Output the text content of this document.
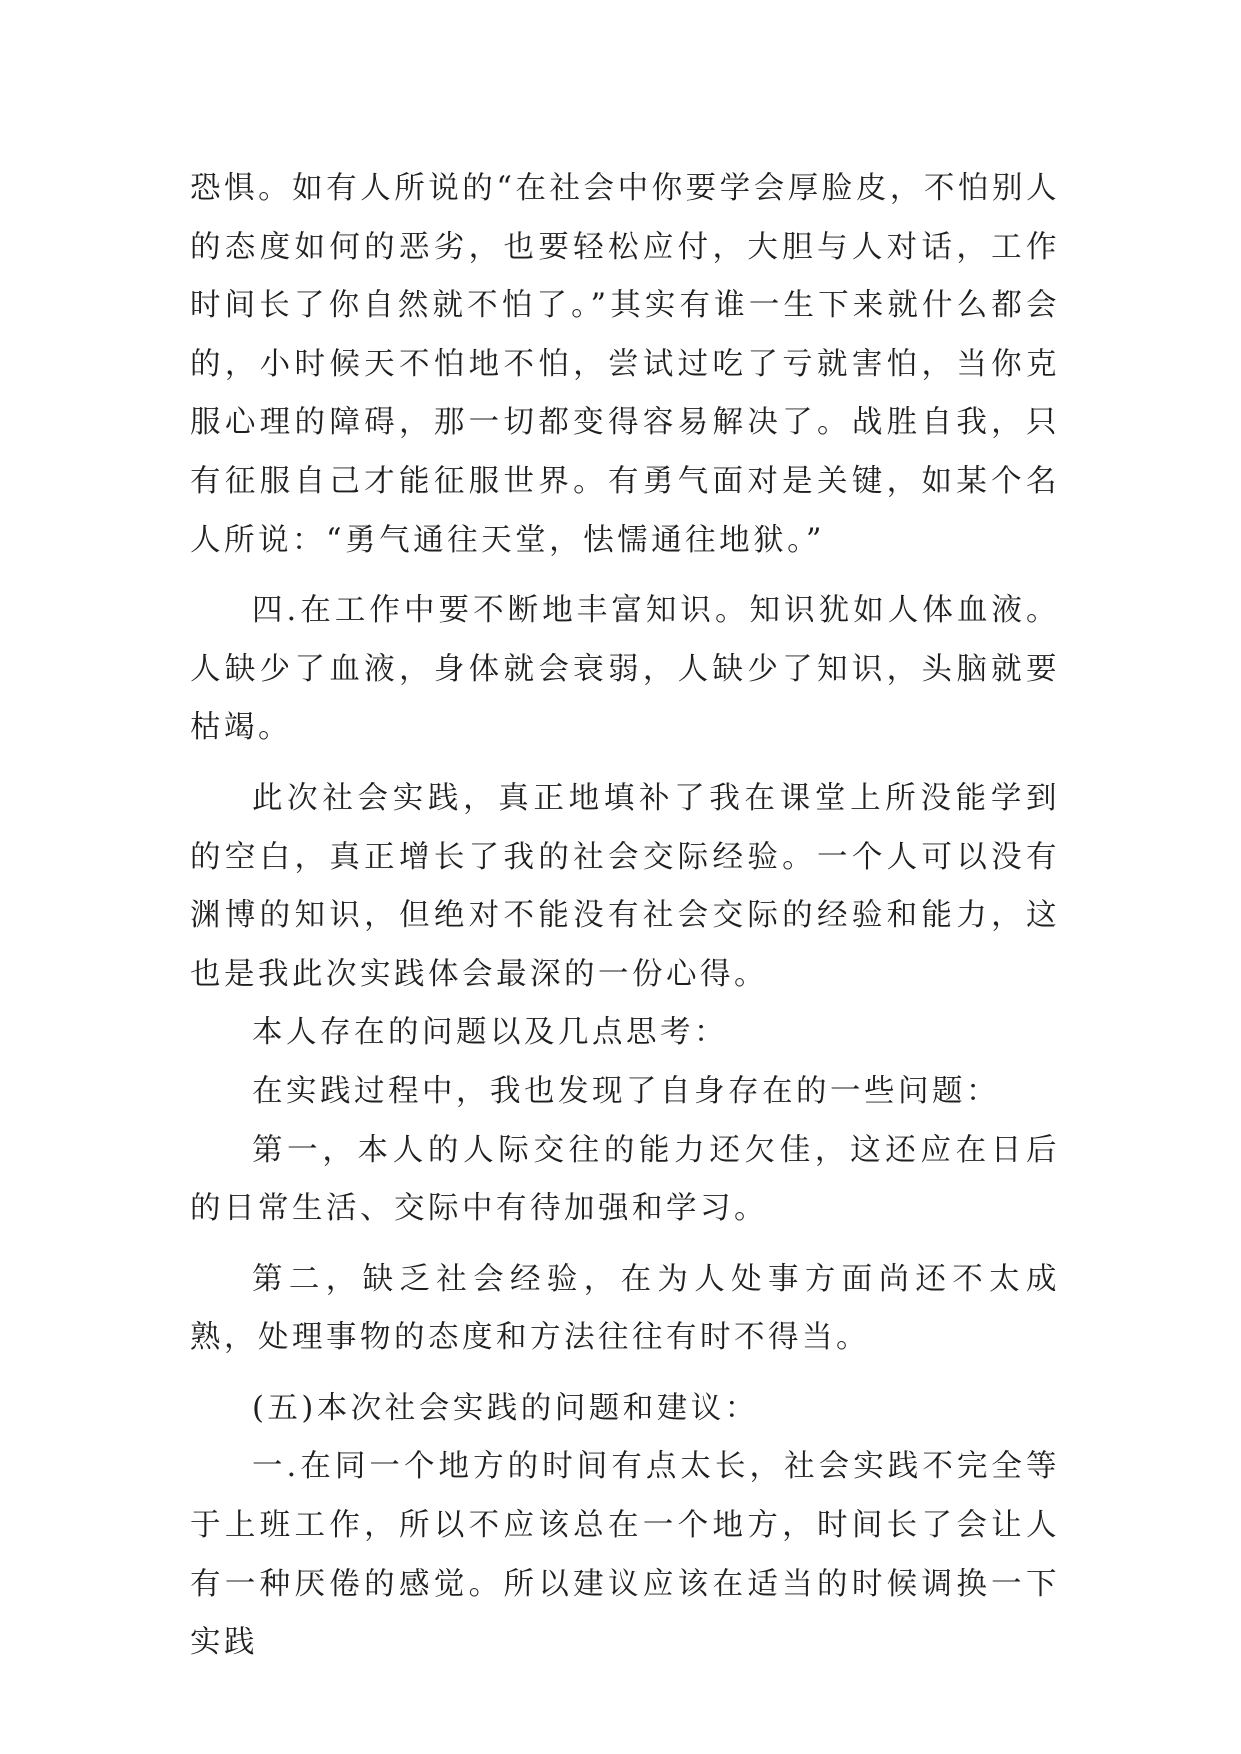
恐惧。如有人所说的“在社会中你要学会厚脸皮，不怕别人的态度如何的恶劣，也要轻松应付，大胆与人对话，工作时间长了你自然就不怕了。”其实有谁一生下来就什么都会的，小时候天不怕地不怕，尝试过吃了亏就害怕，当你克服心理的障碍，那一切都变得容易解决了。战胜自我，只有征服自己才能征服世界。有勇气面对是关键，如某个名人所说：“勇气通往天堂，怯懦通往地狱。”

四.在工作中要不断地丰富知识。知识犹如人体血液。人缺少了血液，身体就会衰弱，人缺少了知识，头脑就要枯竭。

此次社会实践，真正地填补了我在课堂上所没能学到的空白，真正增长了我的社会交际经验。一个人可以没有渊博的知识，但绝对不能没有社会交际的经验和能力，这也是我此次实践体会最深的一份心得。

本人存在的问题以及几点思考：

在实践过程中，我也发现了自身存在的一些问题：

第一，本人的人际交往的能力还欠佳，这还应在日后的日常生活、交际中有待加强和学习。

第二，缺乏社会经验，在为人处事方面尚还不太成熟，处理事物的态度和方法往往有时不得当。

(五)本次社会实践的问题和建议：

一.在同一个地方的时间有点太长，社会实践不完全等于上班工作，所以不应该总在一个地方，时间长了会让人有一种厌倦的感觉。所以建议应该在适当的时候调换一下实践
